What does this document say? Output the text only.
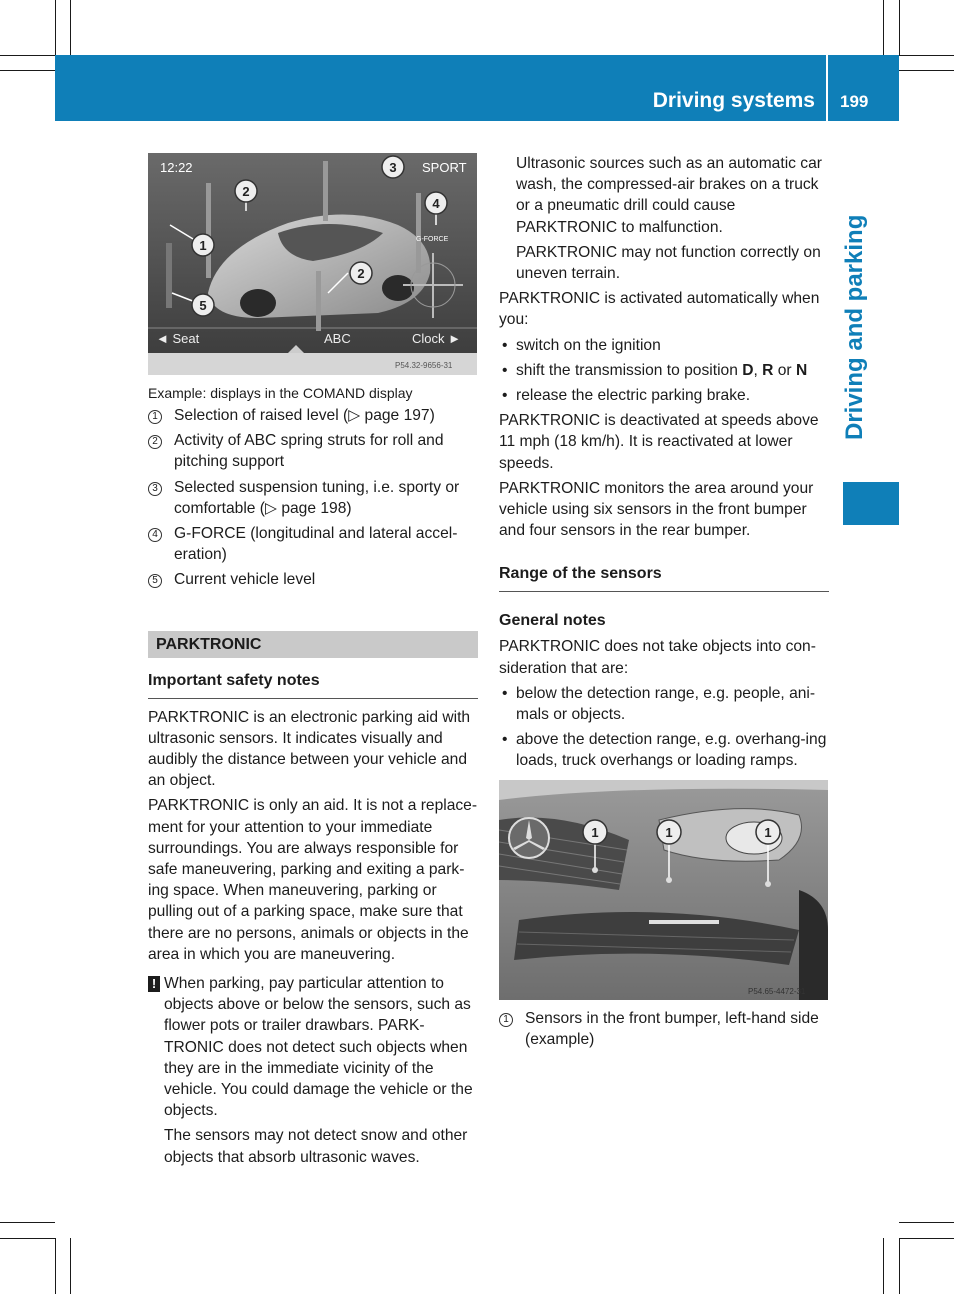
Driving systems 199
Driving and parking
12:22	SPORT
G-FORCE
◄ Seat	ABC	Clock ►
P54.32-9656-31
1
2
3
4
5
2
Example: displays in the COMAND display
1	Selection of raised level (▷ page 197)
2	Activity of ABC spring struts for roll and pitching support
3	Selected suspension tuning, i.e. sporty or comfortable (▷ page 198)
4	G-FORCE (longitudinal and lateral accel-eration)
5	Current vehicle level
PARKTRONIC
Important safety notes

PARKTRONIC is an electronic parking aid with ultrasonic sensors. It indicates visually and audibly the distance between your vehicle and an object.

PARKTRONIC is only an aid. It is not a replace-ment for your attention to your immediate surroundings. You are always responsible for safe maneuvering, parking and exiting a park-ing space. When maneuvering, parking or pulling out of a parking space, make sure that there are no persons, animals or objects in the area in which you are maneuvering.

! When parking, pay particular attention to objects above or below the sensors, such as flower pots or trailer drawbars. PARK-TRONIC does not detect such objects when they are in the immediate vicinity of the vehicle. You could damage the vehicle or the objects.

The sensors may not detect snow and other objects that absorb ultrasonic waves.

Ultrasonic sources such as an automatic car wash, the compressed-air brakes on a truck or a pneumatic drill could cause PARKTRONIC to malfunction.

PARKTRONIC may not function correctly on uneven terrain.

PARKTRONIC is activated automatically when you:

• switch on the ignition
• shift the transmission to position D, R or N
• release the electric parking brake.

PARKTRONIC is deactivated at speeds above 11 mph (18 km/h). It is reactivated at lower speeds.

PARKTRONIC monitors the area around your vehicle using six sensors in the front bumper and four sensors in the rear bumper.

Range of the sensors
General notes

PARKTRONIC does not take objects into con-sideration that are:

• below the detection range, e.g. people, ani-mals or objects.
• above the detection range, e.g. overhang-ing loads, truck overhangs or loading ramps.
1	1	1
P54.65-4472-31
1	Sensors in the front bumper, left-hand side (example)
